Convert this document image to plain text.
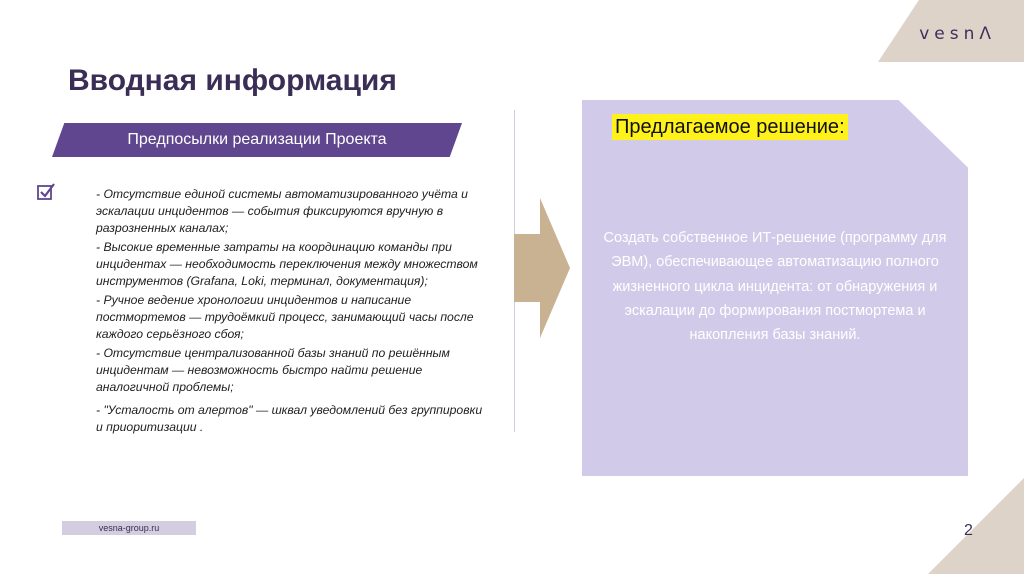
vesnΛ
Вводная информация
Предпосылки реализации Проекта

- Отсутствие единой системы автоматизированного учёта и эскалации инцидентов — события фиксируются вручную в разрозненных каналах;

- Высокие временные затраты на координацию команды при инцидентах — необходимость переключения между множеством инструментов (Grafana, Loki, терминал, документация);

- Ручное ведение хронологии инцидентов и написание постмортемов — трудоёмкий процесс, занимающий часы после каждого серьёзного сбоя;

- Отсутствие централизованной базы знаний по решённым инцидентам — невозможность быстро найти решение аналогичной проблемы;

- "Усталость от алертов" — шквал уведомлений без группировки и приоритизации .

Предлагаемое решение:
Создать собственное ИТ-решение (программу для ЭВМ), обеспечивающее автоматизацию полного жизненного цикла инцидента: от обнаружения и эскалации до формирования постмортема и накопления базы знаний.
vesna-group.ru	2
